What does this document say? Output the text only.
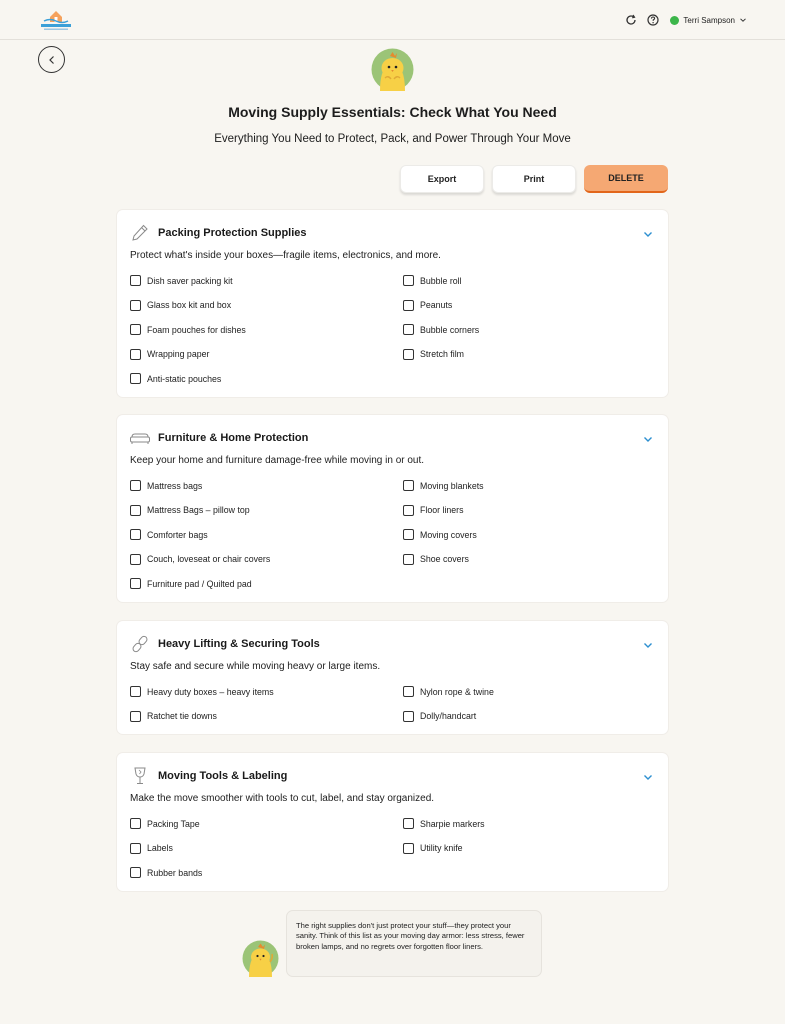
Terri Sampson
Moving Supply Essentials: Check What You Need
Everything You Need to Protect, Pack, and Power Through Your Move
Export	Print	DELETE
Packing Protection Supplies

Protect what's inside your boxes—fragile items, electronics, and more.

Dish saver packing kit	Bubble roll
Glass box kit and box	Peanuts
Foam pouches for dishes	Bubble corners
Wrapping paper	Stretch film
Anti-static pouches
Furniture & Home Protection

Keep your home and furniture damage-free while moving in or out.

Mattress bags	Moving blankets
Mattress Bags – pillow top	Floor liners
Comforter bags	Moving covers
Couch, loveseat or chair covers	Shoe covers
Furniture pad / Quilted pad
Heavy Lifting & Securing Tools

Stay safe and secure while moving heavy or large items.

Heavy duty boxes – heavy items	Nylon rope & twine
Ratchet tie downs	Dolly/handcart
Moving Tools & Labeling

Make the move smoother with tools to cut, label, and stay organized.

Packing Tape	Sharpie markers
Labels	Utility knife
Rubber bands
The right supplies don't just protect your stuff—they protect your sanity. Think of this list as your moving day armor: less stress, fewer broken lamps, and no regrets over forgotten floor liners.
